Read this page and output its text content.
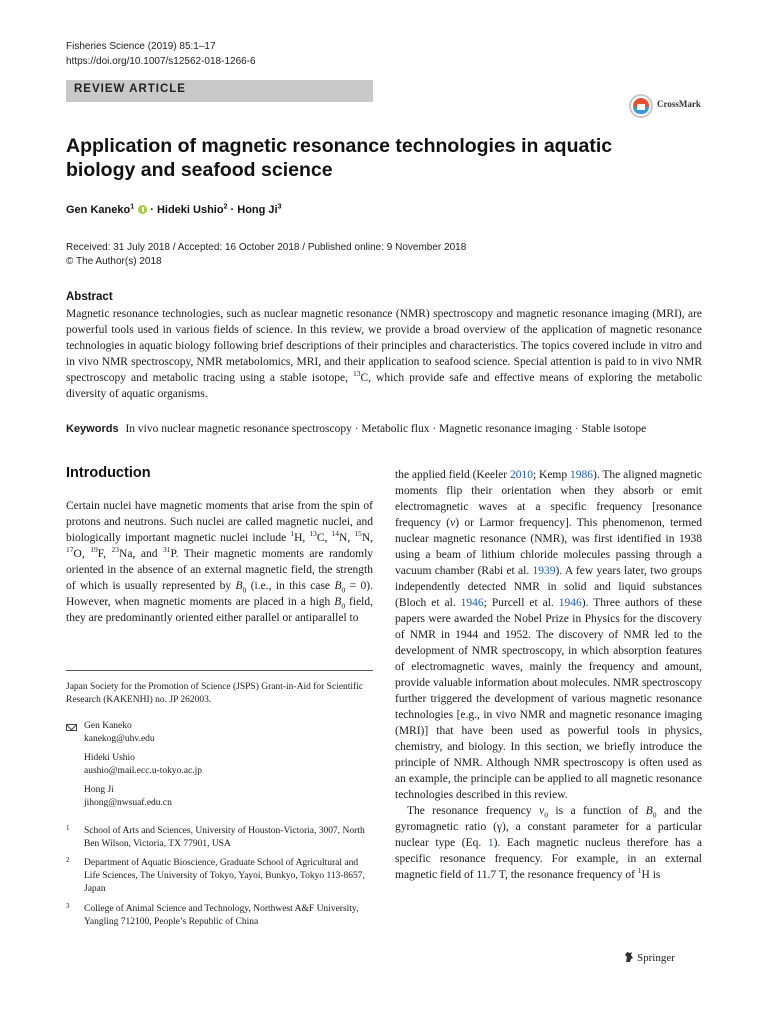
Fisheries Science (2019) 85:1–17
https://doi.org/10.1007/s12562-018-1266-6
REVIEW ARTICLE
CrossMark
Application of magnetic resonance technologies in aquatic biology and seafood science
Gen Kaneko$^1$  · Hideki Ushio$^2$ · Hong Ji$^3$
Received: 31 July 2018 / Accepted: 16 October 2018 / Published online: 9 November 2018
© The Author(s) 2018
Abstract

Magnetic resonance technologies, such as nuclear magnetic resonance (NMR) spectroscopy and magnetic resonance imaging (MRI), are powerful tools used in various fields of science. In this review, we provide a broad overview of the application of magnetic resonance technologies in aquatic biology following brief descriptions of their principles and characteristics. The topics covered include in vitro and in vivo NMR spectroscopy, NMR metabolomics, MRI, and their application to seafood science. Special attention is paid to in vivo NMR spectroscopy and metabolic tracing using a stable isotope, $^{13}$C, which provide safe and effective means of exploring the metabolic diversity of aquatic organisms.

Keywords In vivo nuclear magnetic resonance spectroscopy · Metabolic flux · Magnetic resonance imaging · Stable isotope
Introduction

Certain nuclei have magnetic moments that arise from the spin of protons and neutrons. Such nuclei are called magnetic nuclei, and biologically important magnetic nuclei include $^1$H, $^{13}$C, $^{14}$N, $^{15}$N, $^{17}$O, $^{19}$F, $^{23}$Na, and $^{31}$P. Their magnetic moments are randomly oriented in the absence of an external magnetic field, the strength of which is usually represented by $B_0$ (i.e., in this case $B_0 = 0$). However, when magnetic moments are placed in a high $B_0$ field, they are predominantly oriented either parallel or antiparallel to

Japan Society for the Promotion of Science (JSPS) Grant-in-Aid for Scientific Research (KAKENHI) no. JP 262003.

Gen Kaneko
kanekog@uhv.edu
Hideki Ushio
aushio@mail.ecc.u-tokyo.ac.jp
Hong Ji
jihong@nwsuaf.edu.cn
1 School of Arts and Sciences, University of Houston-Victoria, 3007, North Ben Wilson, Victoria, TX 77901, USA
2 Department of Aquatic Bioscience, Graduate School of Agricultural and Life Sciences, The University of Tokyo, Yayoi, Bunkyo, Tokyo 113-8657, Japan
3 College of Animal Science and Technology, Northwest A&F University, Yangling 712100, People’s Republic of China

the applied field (Keeler 2010; Kemp 1986). The aligned magnetic moments flip their orientation when they absorb or emit electromagnetic waves at a specific frequency [resonance frequency (ν) or Larmor frequency]. This phenomenon, termed nuclear magnetic resonance (NMR), was first identified in 1938 using a beam of lithium chloride molecules passing through a vacuum chamber (Rabi et al. 1939). A few years later, two groups independently detected NMR in solid and liquid substances (Bloch et al. 1946; Purcell et al. 1946). Three authors of these papers were awarded the Nobel Prize in Physics for the discovery of NMR in 1944 and 1952. The discovery of NMR led to the development of NMR spectroscopy, in which absorption features of electromagnetic waves, mainly the frequency and amount, provide valuable information about molecules. NMR spectroscopy further triggered the development of various magnetic resonance technologies [e.g., in vivo NMR and magnetic resonance imaging (MRI)] that have been used as powerful tools in physics, chemistry, and biology. In this section, we briefly introduce the principle of NMR. Although NMR spectroscopy is often used as an example, the principle can be applied to all magnetic resonance technologies described in this review.

The resonance frequency $\nu_0$ is a function of $B_0$ and the gyromagnetic ratio (γ), a constant parameter for a particular nuclear type (Eq. 1). Each magnetic nucleus therefore has a specific resonance frequency. For example, in an external magnetic field of 11.7 T, the resonance frequency of $^1$H is

Springer
